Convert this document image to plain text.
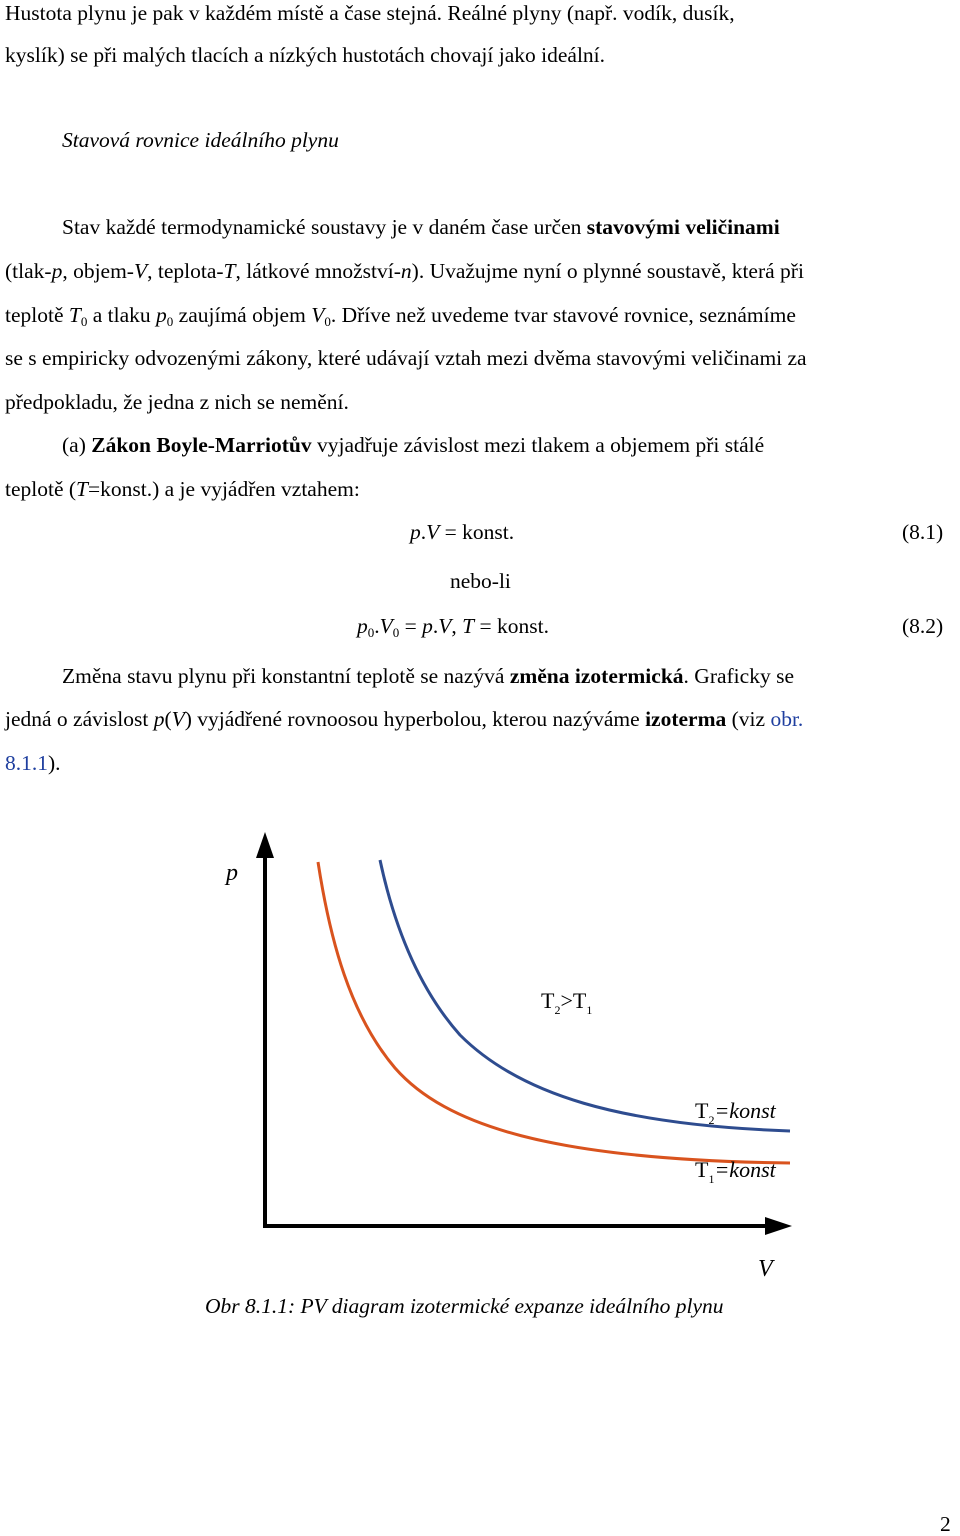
Hustota plynu je pak v každém místě a čase stejná. Reálné plyny (např. vodík, dusík,
kyslík) se při malých tlacích a nízkých hustotách chovají jako ideální.
Stavová rovnice ideálního plynu
Stav každé termodynamické soustavy je v daném čase určen stavovými veličinami
(tlak-p, objem-V, teplota-T, látkové množství-n). Uvažujme nyní o plynné soustavě, která při
teplotě $T_0$ a tlaku $p_0$ zaujímá objem $V_0$. Dříve než uvedeme tvar stavové rovnice, seznámíme
se s empiricky odvozenými zákony, které udávají vztah mezi dvěma stavovými veličinami za
předpokladu, že jedna z nich se nemění.
(a) Zákon Boyle-Marriotův vyjadřuje závislost mezi tlakem a objemem při stálé
teplotě (T=konst.) a je vyjádřen vztahem:
p.V = konst.	(8.1)
nebo-li
$p_0.V_0 = p.V$, T = konst.	(8.2)
Změna stavu plynu při konstantní teplotě se nazývá změna izotermická. Graficky se
jedná o závislost p(V) vyjádřené rovnoosou hyperbolou, kterou nazýváme izoterma (viz obr.
8.1.1).
p
V
$T_2>T_1$
$T_2=konst$
$T_1=konst$
Obr 8.1.1: PV diagram izotermické expanze ideálního plynu
2
